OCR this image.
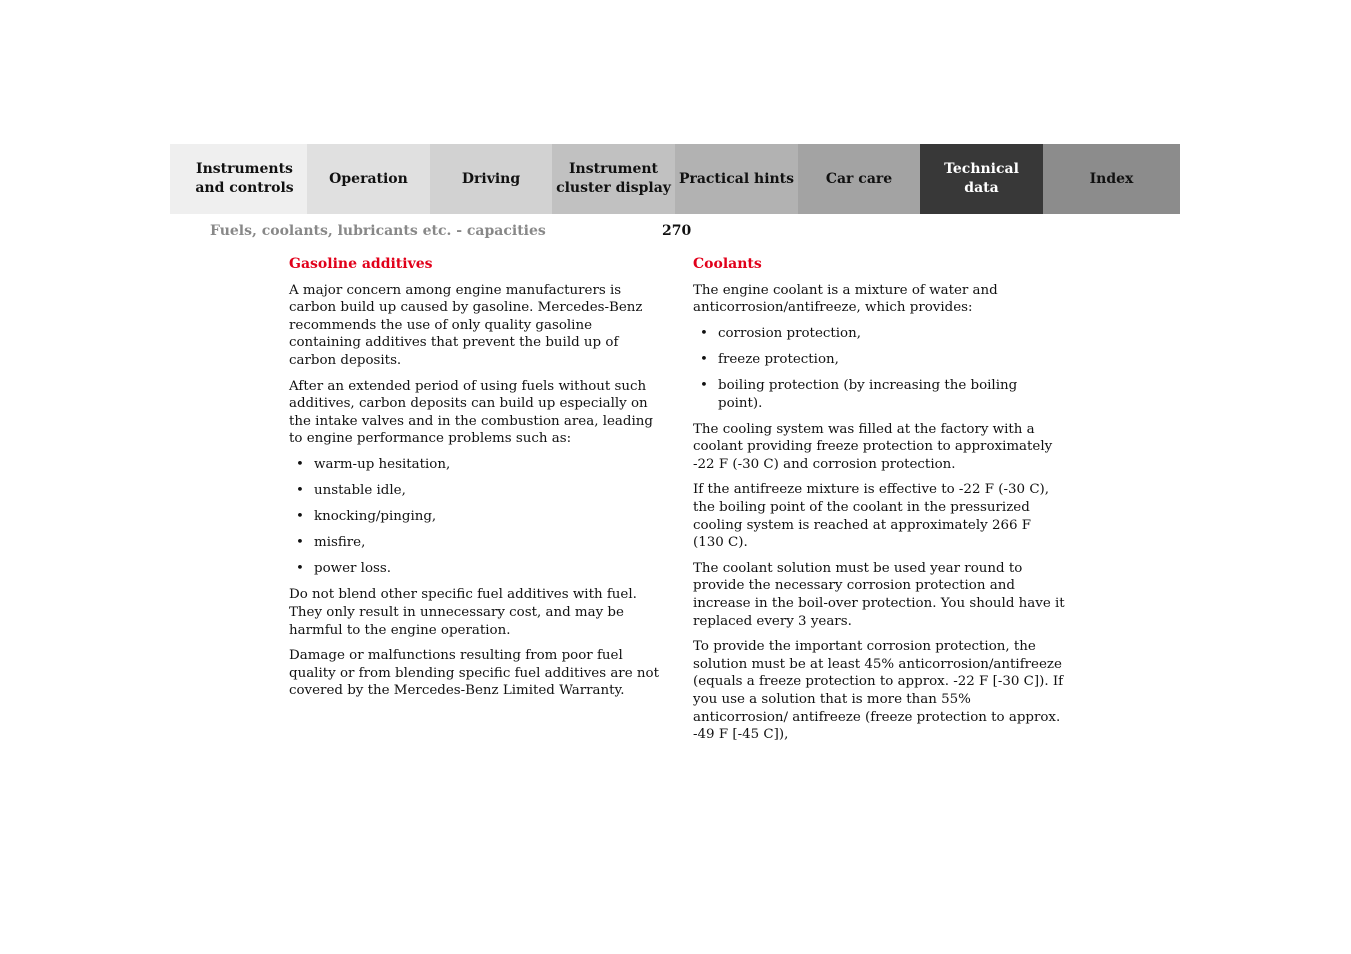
Instruments
and controls
Operation	Driving
Instrument
cluster display
Practical hints	Car care
Technical
data
Index
Fuels, coolants, lubricants etc. - capacities	270
Gasoline additives

A major concern among engine manufacturers is carbon build up caused by gasoline. Mercedes-Benz recommends the use of only quality gasoline containing additives that prevent the build up of carbon deposits.

After an extended period of using fuels without such additives, carbon deposits can build up especially on the intake valves and in the combustion area, leading to engine performance problems such as:

• warm-up hesitation,
• unstable idle,
• knocking/pinging,
• misfire,
• power loss.

Do not blend other specific fuel additives with fuel. They only result in unnecessary cost, and may be harmful to the engine operation.

Damage or malfunctions resulting from poor fuel quality or from blending specific fuel additives are not covered by the Mercedes-Benz Limited Warranty.

Coolants

The engine coolant is a mixture of water and anticorrosion/antifreeze, which provides:

• corrosion protection,
• freeze protection,
• boiling protection (by increasing the boiling point).

The cooling system was filled at the factory with a coolant providing freeze protection to approximately -22 F (-30 C) and corrosion protection.

If the antifreeze mixture is effective to -22 F (-30 C), the boiling point of the coolant in the pressurized cooling system is reached at approximately 266 F (130 C).

The coolant solution must be used year round to provide the necessary corrosion protection and increase in the boil-over protection. You should have it replaced every 3 years.

To provide the important corrosion protection, the solution must be at least 45% anticorrosion/antifreeze (equals a freeze protection to approx. -22 F [-30 C]). If you use a solution that is more than 55% anticorrosion/ antifreeze (freeze protection to approx. -49 F [-45 C]),
